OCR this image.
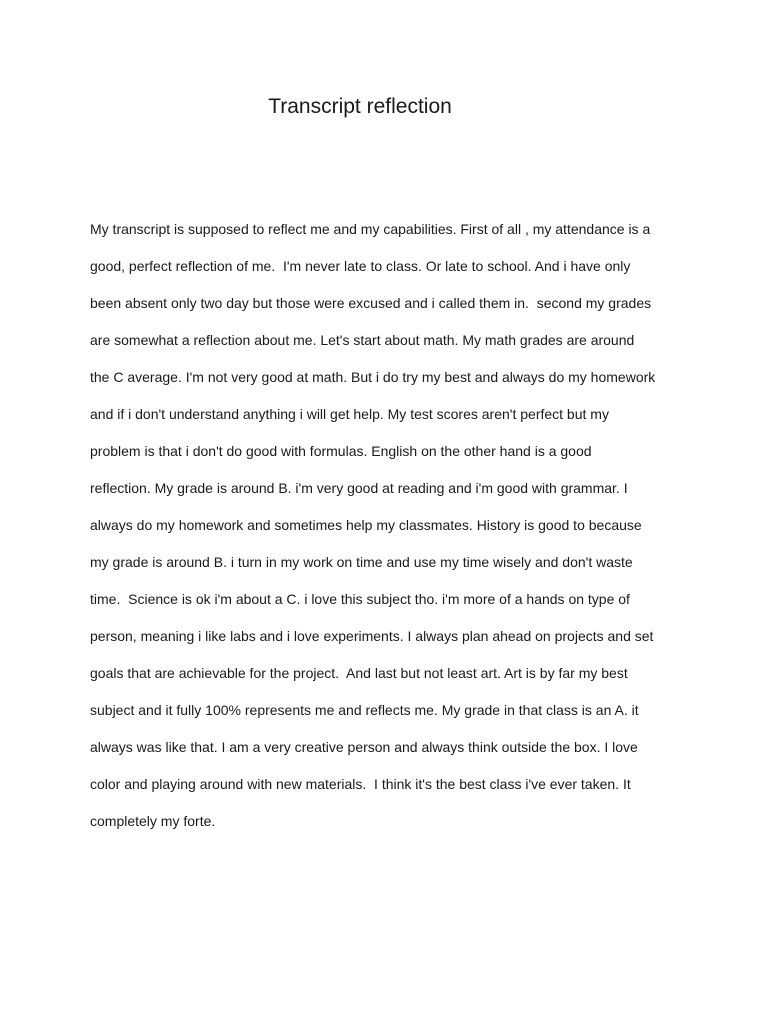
Transcript reflection
My transcript is supposed to reflect me and my capabilities. First of all , my attendance is a
good, perfect reflection of me.  I'm never late to class. Or late to school. And i have only
been absent only two day but those were excused and i called them in.  second my grades
are somewhat a reflection about me. Let's start about math. My math grades are around
the C average. I'm not very good at math. But i do try my best and always do my homework
and if i don't understand anything i will get help. My test scores aren't perfect but my
problem is that i don't do good with formulas. English on the other hand is a good
reflection. My grade is around B. i'm very good at reading and i'm good with grammar. I
always do my homework and sometimes help my classmates. History is good to because
my grade is around B. i turn in my work on time and use my time wisely and don't waste
time.  Science is ok i'm about a C. i love this subject tho. i'm more of a hands on type of
person, meaning i like labs and i love experiments. I always plan ahead on projects and set
goals that are achievable for the project.  And last but not least art. Art is by far my best
subject and it fully 100% represents me and reflects me. My grade in that class is an A. it
always was like that. I am a very creative person and always think outside the box. I love
color and playing around with new materials.  I think it's the best class i've ever taken. It
completely my forte.
